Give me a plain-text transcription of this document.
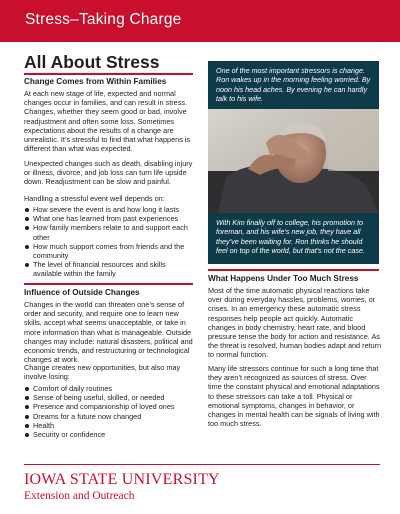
Stress–Taking Charge
All About Stress
Change Comes from Within Families
At each new stage of life, expected and normal changes occur in families, and can result in stress. Changes, whether they seem good or bad, involve readjustment and often some loss. Sometimes expectations about the results of a change are unrealistic. It’s stressful to find that what happens is different than what was expected.
Unexpected changes such as death, disabling injury or illness, divorce, and job loss can turn life upside down. Readjustment can be slow and painful.
Handling a stressful event well depends on:
How severe the event is and how long it lasts
What one has learned from past experiences
How family members relate to and support each other
How much support comes from friends and the community
The level of financial resources and skills available within the family
Influence of Outside Changes
Changes in the world can threaten one’s sense of order and security, and require one to learn new skills, accept what seems unacceptable, or take in more information than what is manageable. Outside changes may include: natural disasters, political and economic trends, and restructuring or technological changes at work.
Change creates new opportunities, but also may involve losing:
Comfort of daily routines
Sense of being useful, skilled, or needed
Presence and companionship of loved ones
Dreams for a future now changed
Health
Security or confidence
One of the most important stressors is change. Ron wakes up in the morning feeling worried. By noon his head aches. By evening he can hardly talk to his wife.
With Kim finally off to college, his promotion to foreman, and his wife’s new job, they have all they’ve been waiting for. Ron thinks he should feel on top of the world, but that’s not the case.
What Happens Under Too Much Stress
Most of the time automatic physical reactions take over during everyday hassles, problems, worries, or crises. In an emergency these automatic stress responses help people act quickly. Automatic changes in body chemistry, heart rate, and blood pressure tense the body for action and resistance. As the threat is resolved, human bodies adapt and return to normal function.
Many life stressors continue for such a long time that they aren’t recognized as sources of stress. Over time the constant physical and emotional adaptations to these stressors can take a toll. Physical or emotional symptoms, changes in behavior, or changes in mental health can be signals of living with too much stress.
IOWA STATE UNIVERSITY
Extension and Outreach
